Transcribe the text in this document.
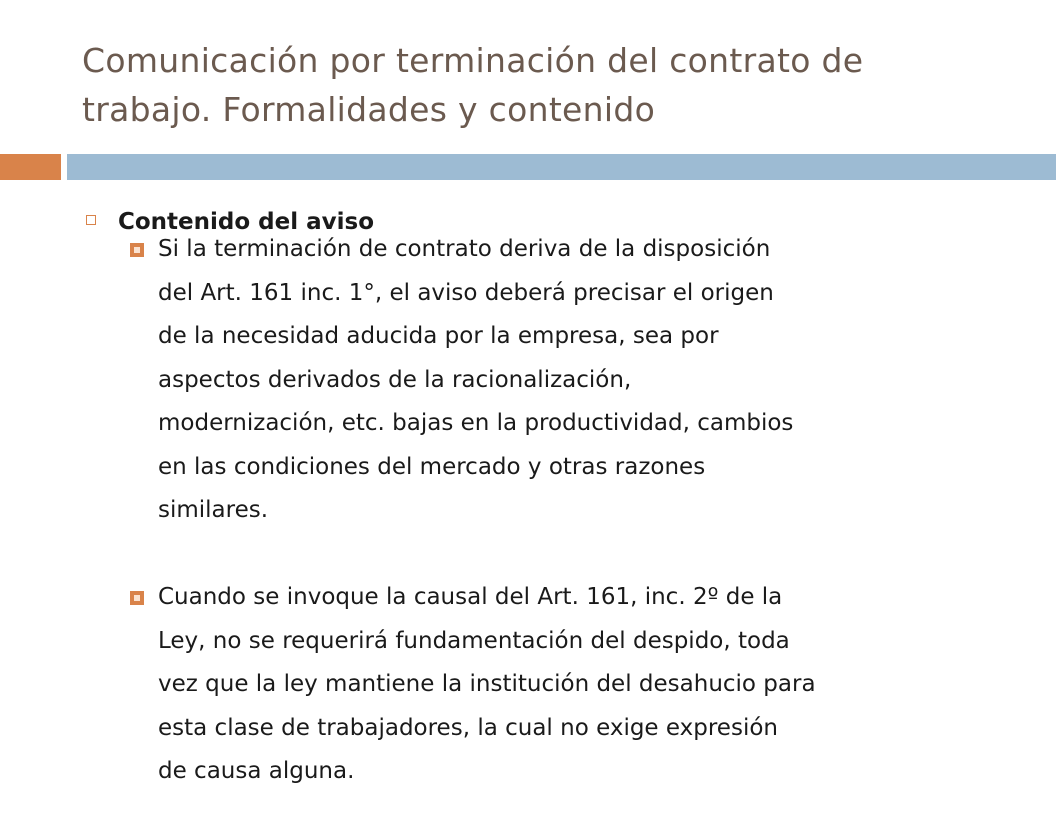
Comunicación por terminación del contrato de
trabajo. Formalidades y contenido
Contenido del aviso
Si la terminación de contrato deriva de la disposición
del Art. 161 inc. 1°, el aviso deberá precisar el origen
de la necesidad aducida por la empresa, sea por
aspectos derivados de la racionalización,
modernización, etc. bajas en la productividad, cambios
en las condiciones del mercado y otras razones
similares.
Cuando se invoque la causal del Art. 161, inc. 2º de la
Ley, no se requerirá fundamentación del despido, toda
vez que la ley mantiene la institución del desahucio para
esta clase de trabajadores, la cual no exige expresión
de causa alguna.
